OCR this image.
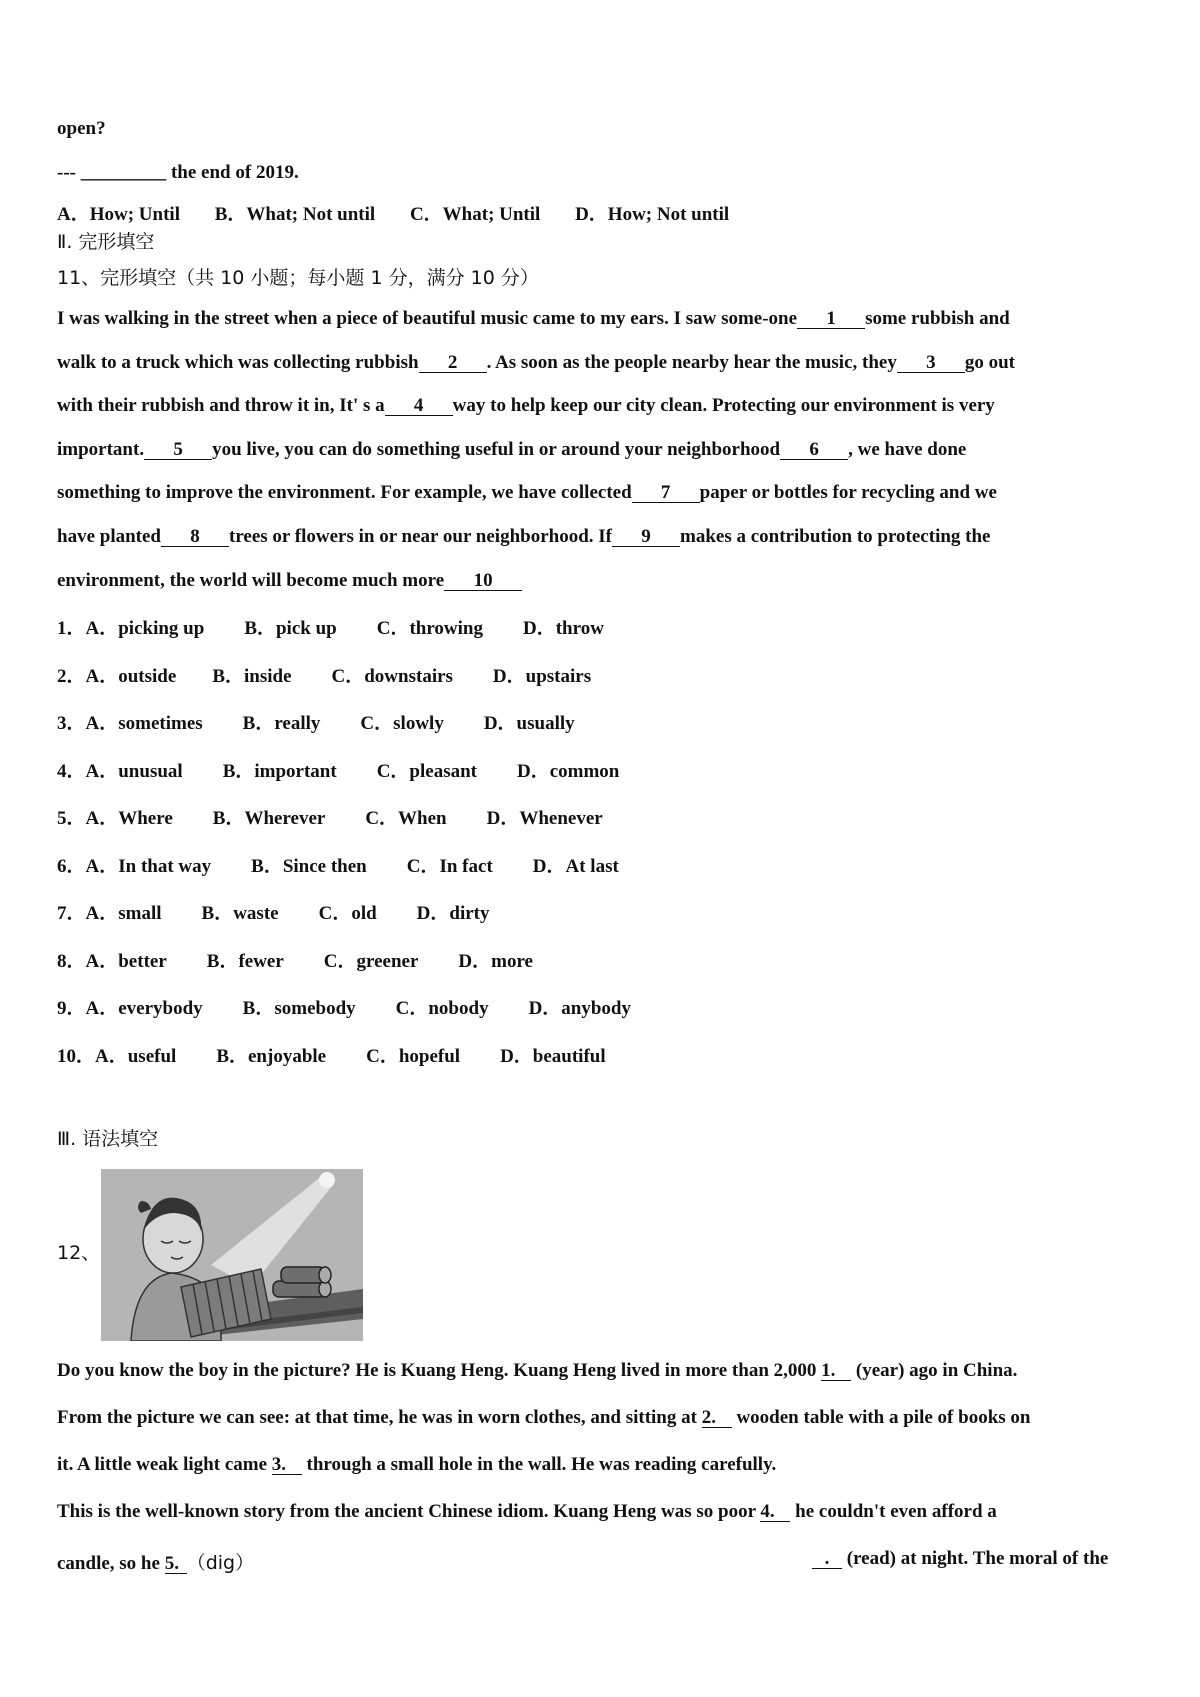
open?
--- _________ the end of 2019.
A．How; Until B．What; Not until C．What; Until D．How; Not until
Ⅱ. 完形填空
11、完形填空（共 10 小题；每小题 1 分，满分 10 分）
I was walking in the street when a piece of beautiful music came to my ears. I saw some-one 1 some rubbish and
walk to a truck which was collecting rubbish 2 . As soon as the people nearby hear the music, they 3 go out
with their rubbish and throw it in, It' s a 4 way to help keep our city clean. Protecting our environment is very
important. 5 you live, you can do something useful in or around your neighborhood 6 , we have done
something to improve the environment. For example, we have collected 7 paper or bottles for recycling and we
have planted 8 trees or flowers in or near our neighborhood. If 9 makes a contribution to protecting the
environment, the world will become much more 10
1．A．picking up B．pick up C．throwing D．throw
2．A．outside B．inside C．downstairs D．upstairs
3．A．sometimes B．really C．slowly D．usually
4．A．unusual B．important C．pleasant D．common
5．A．Where B．Wherever C．When D．Whenever
6．A．In that way B．Since then C．In fact D．At last
7．A．small B．waste C．old D．dirty
8．A．better B．fewer C．greener D．more
9．A．everybody B．somebody C．nobody D．anybody
10．A．useful B．enjoyable C．hopeful D．beautiful
Ⅲ. 语法填空
12、
Do you know the boy in the picture? He is Kuang Heng. Kuang Heng lived in more than 2,000 1. (year) ago in China.
From the picture we can see: at that time, he was in worn clothes, and sitting at 2. wooden table with a pile of books on
it. A little weak light came 3. through a small hole in the wall. He was reading carefully.
This is the well-known story from the ancient Chinese idiom. Kuang Heng was so poor 4. he couldn't even afford a
candle, so he 5. （dig）	. (read) at night. The moral of the
